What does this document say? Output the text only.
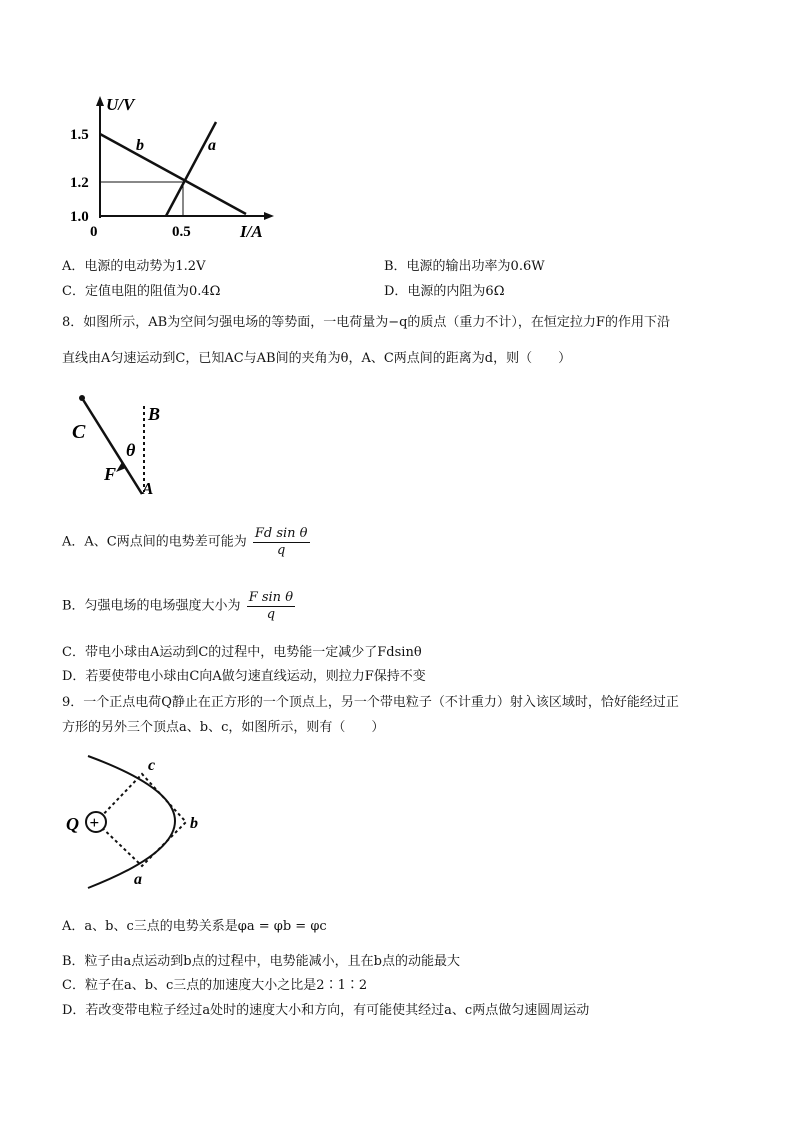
U/V
I/A
1.5
1.2
1.0
0	0.5
a
b
A．电源的电动势为1.2V	B．电源的输出功率为0.6W
C．定值电阻的阻值为0.4Ω	D．电源的内阻为6Ω
8．如图所示，AB为空间匀强电场的等势面，一电荷量为−q的质点（重力不计），在恒定拉力F的作用下沿
直线由A匀速运动到C，已知AC与AB间的夹角为θ，A、C两点间的距离为d，则（　　）
C
B
θ
F
A
A．A、C两点间的电势差可能为 $\frac{\text{Fd sin θ}}{q}$
B．匀强电场的电场强度大小为 $\frac{\text{F sin θ}}{q}$
C．带电小球由A运动到C的过程中，电势能一定减少了Fdsinθ
D．若要使带电小球由C向A做匀速直线运动，则拉力F保持不变
9．一个正点电荷Q静止在正方形的一个顶点上，另一个带电粒子（不计重力）射入该区域时，恰好能经过正
方形的另外三个顶点a、b、c，如图所示，则有（　　）
+
Q
c
b
a
A．a、b、c三点的电势关系是φa = φb = φc
B．粒子由a点运动到b点的过程中，电势能减小，且在b点的动能最大
C．粒子在a、b、c三点的加速度大小之比是2∶1∶2
D．若改变带电粒子经过a处时的速度大小和方向，有可能使其经过a、c两点做匀速圆周运动
